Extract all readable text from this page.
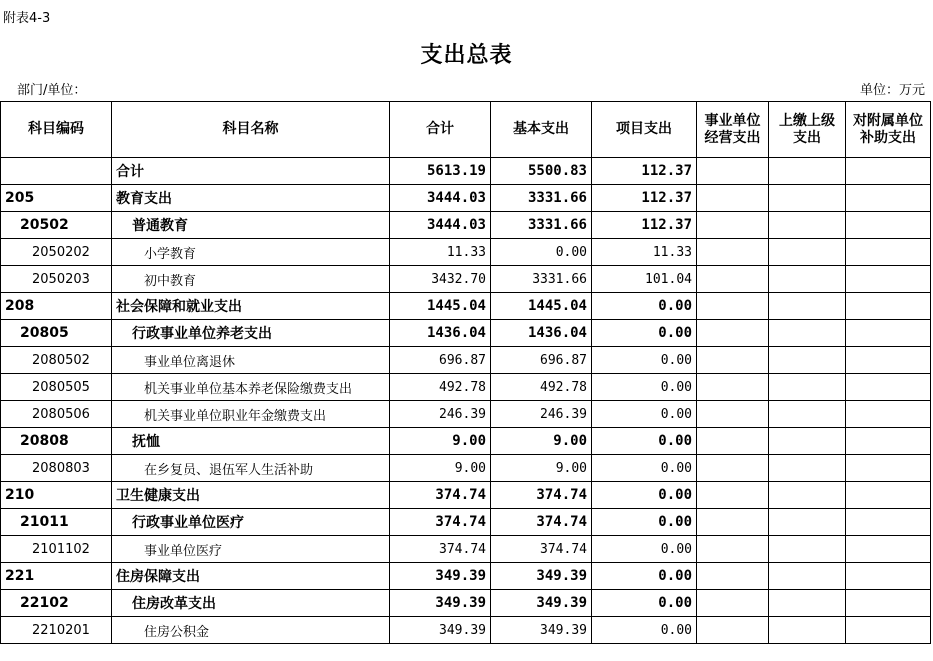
附表4-3
支出总表
部门/单位：	单位：万元
科目编码	科目名称	合计	基本支出	项目支出	事业单位经营支出	上缴上级支出	对附属单位补助支出
	合计	5613.19	5500.83	112.37			
205	教育支出	3444.03	3331.66	112.37			
20502	普通教育	3444.03	3331.66	112.37			
2050202	小学教育	11.33	0.00	11.33			
2050203	初中教育	3432.70	3331.66	101.04			
208	社会保障和就业支出	1445.04	1445.04	0.00			
20805	行政事业单位养老支出	1436.04	1436.04	0.00			
2080502	事业单位离退休	696.87	696.87	0.00			
2080505	机关事业单位基本养老保险缴费支出	492.78	492.78	0.00			
2080506	机关事业单位职业年金缴费支出	246.39	246.39	0.00			
20808	抚恤	9.00	9.00	0.00			
2080803	在乡复员、退伍军人生活补助	9.00	9.00	0.00			
210	卫生健康支出	374.74	374.74	0.00			
21011	行政事业单位医疗	374.74	374.74	0.00			
2101102	事业单位医疗	374.74	374.74	0.00			
221	住房保障支出	349.39	349.39	0.00			
22102	住房改革支出	349.39	349.39	0.00			
2210201	住房公积金	349.39	349.39	0.00			
